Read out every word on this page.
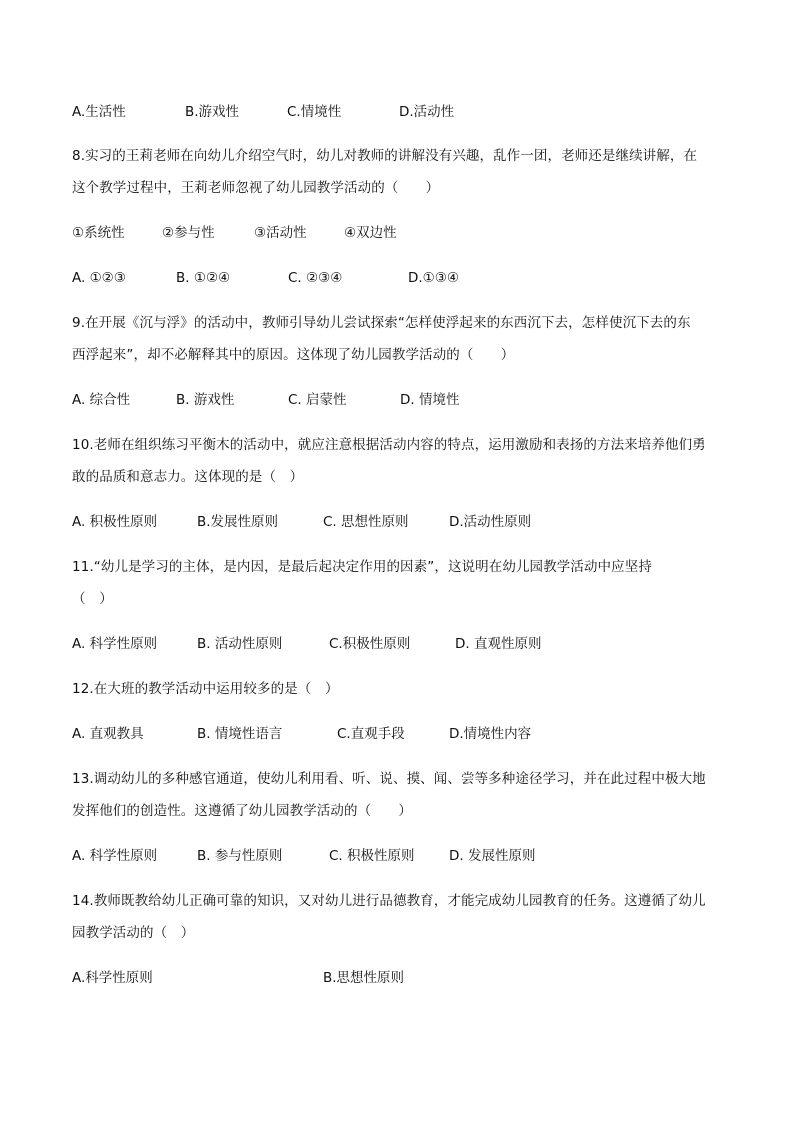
A.生活性	B.游戏性	C.情境性	D.活动性
8.实习的王莉老师在向幼儿介绍空气时，幼儿对教师的讲解没有兴趣，乱作一团，老师还是继续讲解，在
这个教学过程中，王莉老师忽视了幼儿园教学活动的（　　）
①系统性	②参与性	③活动性	④双边性
A. ①②③	B. ①②④	C. ②③④	D.①③④
9.在开展《沉与浮》的活动中，教师引导幼儿尝试探索“怎样使浮起来的东西沉下去，怎样使沉下去的东
西浮起来”，却不必解释其中的原因。这体现了幼儿园教学活动的（　　）
A. 综合性	B. 游戏性	C. 启蒙性	D. 情境性
10.老师在组织练习平衡木的活动中，就应注意根据活动内容的特点，运用激励和表扬的方法来培养他们勇
敢的品质和意志力。这体现的是（　）
A. 积极性原则	B.发展性原则	C. 思想性原则	D.活动性原则
11.“幼儿是学习的主体，是内因，是最后起决定作用的因素”，这说明在幼儿园教学活动中应坚持
（　）
A. 科学性原则	B. 活动性原则	C.积极性原则	D. 直观性原则
12.在大班的教学活动中运用较多的是（　）
A. 直观教具	B. 情境性语言	C.直观手段	D.情境性内容
13.调动幼儿的多种感官通道，使幼儿利用看、听、说、摸、闻、尝等多种途径学习，并在此过程中极大地
发挥他们的创造性。这遵循了幼儿园教学活动的（　　）
A. 科学性原则	B. 参与性原则	C. 积极性原则	D. 发展性原则
14.教师既教给幼儿正确可靠的知识，又对幼儿进行品德教育，才能完成幼儿园教育的任务。这遵循了幼儿
园教学活动的（　）
A.科学性原则	B.思想性原则
